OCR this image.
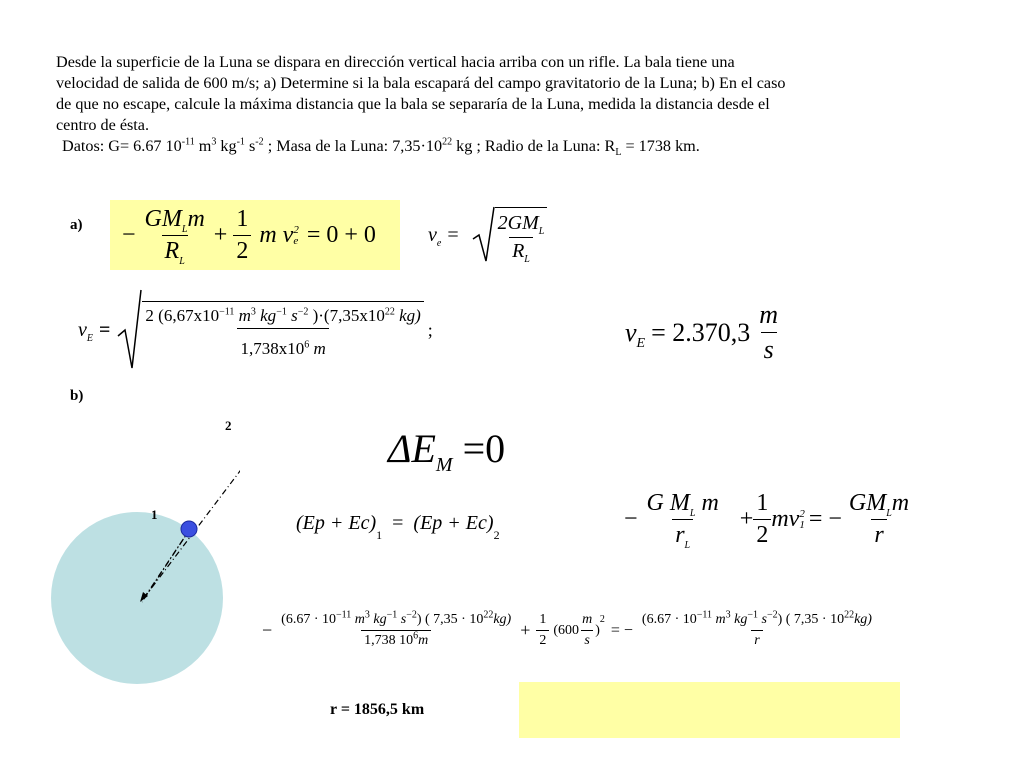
Desde la superficie de la Luna se dispara en dirección vertical hacia arriba con un rifle. La bala tiene una

velocidad de salida de 600 m/s; a) Determine si la bala escapará del campo gravitatorio de la Luna; b) En el caso

de que no escape, calcule la máxima distancia que la bala se separaría de la Luna, medida la distancia desde el

centro de ésta.

Datos: G= 6.67 $10^{-11}$ $m^3$ $kg^{-1}$ $s^{-2}$ ; Masa de la Luna: $7,35\cdot 10^{22}$ kg ; Radio de la Luna: $R_L = 1738$ km.

$a) - \frac{GM_Lm}{R_L} + \frac{1}{2}$ m v 2
e = 0 + 0	$v_e = \frac{2GM_L}{R_L}$
$v_E = \frac{2 (6,67x10^{-11} m^3 kg^{-1} s^{-2} )\cdot(7,35x10^{22} kg)}{1,738x10^6 m}$ ;	$v_E = 2.370,3 \frac{m}{s}$
b)
1
2
$\Delta E_M =0$
(Ep + Ec)
1
= (Ep + Ec)
2
− $\frac{G M_L m}{r_L} + \frac{1}{2}$ mv 2
1 = − $\frac{GM_Lm}{r}$
− $\frac{(6.67 \cdot 10^{-11} m^3 kg^{-1} s^{-2}) ( 7,35 \cdot 10^{22}kg)}{1,738 10^6m} + \frac{1}{2} (600 \frac{m}{s}$ )
2
= − $\frac{(6.67 \cdot 10^{-11} m^3 kg^{-1} s^{-2}) ( 7,35 \cdot 10^{22}kg)}{r}$
r = 1856,5 km
